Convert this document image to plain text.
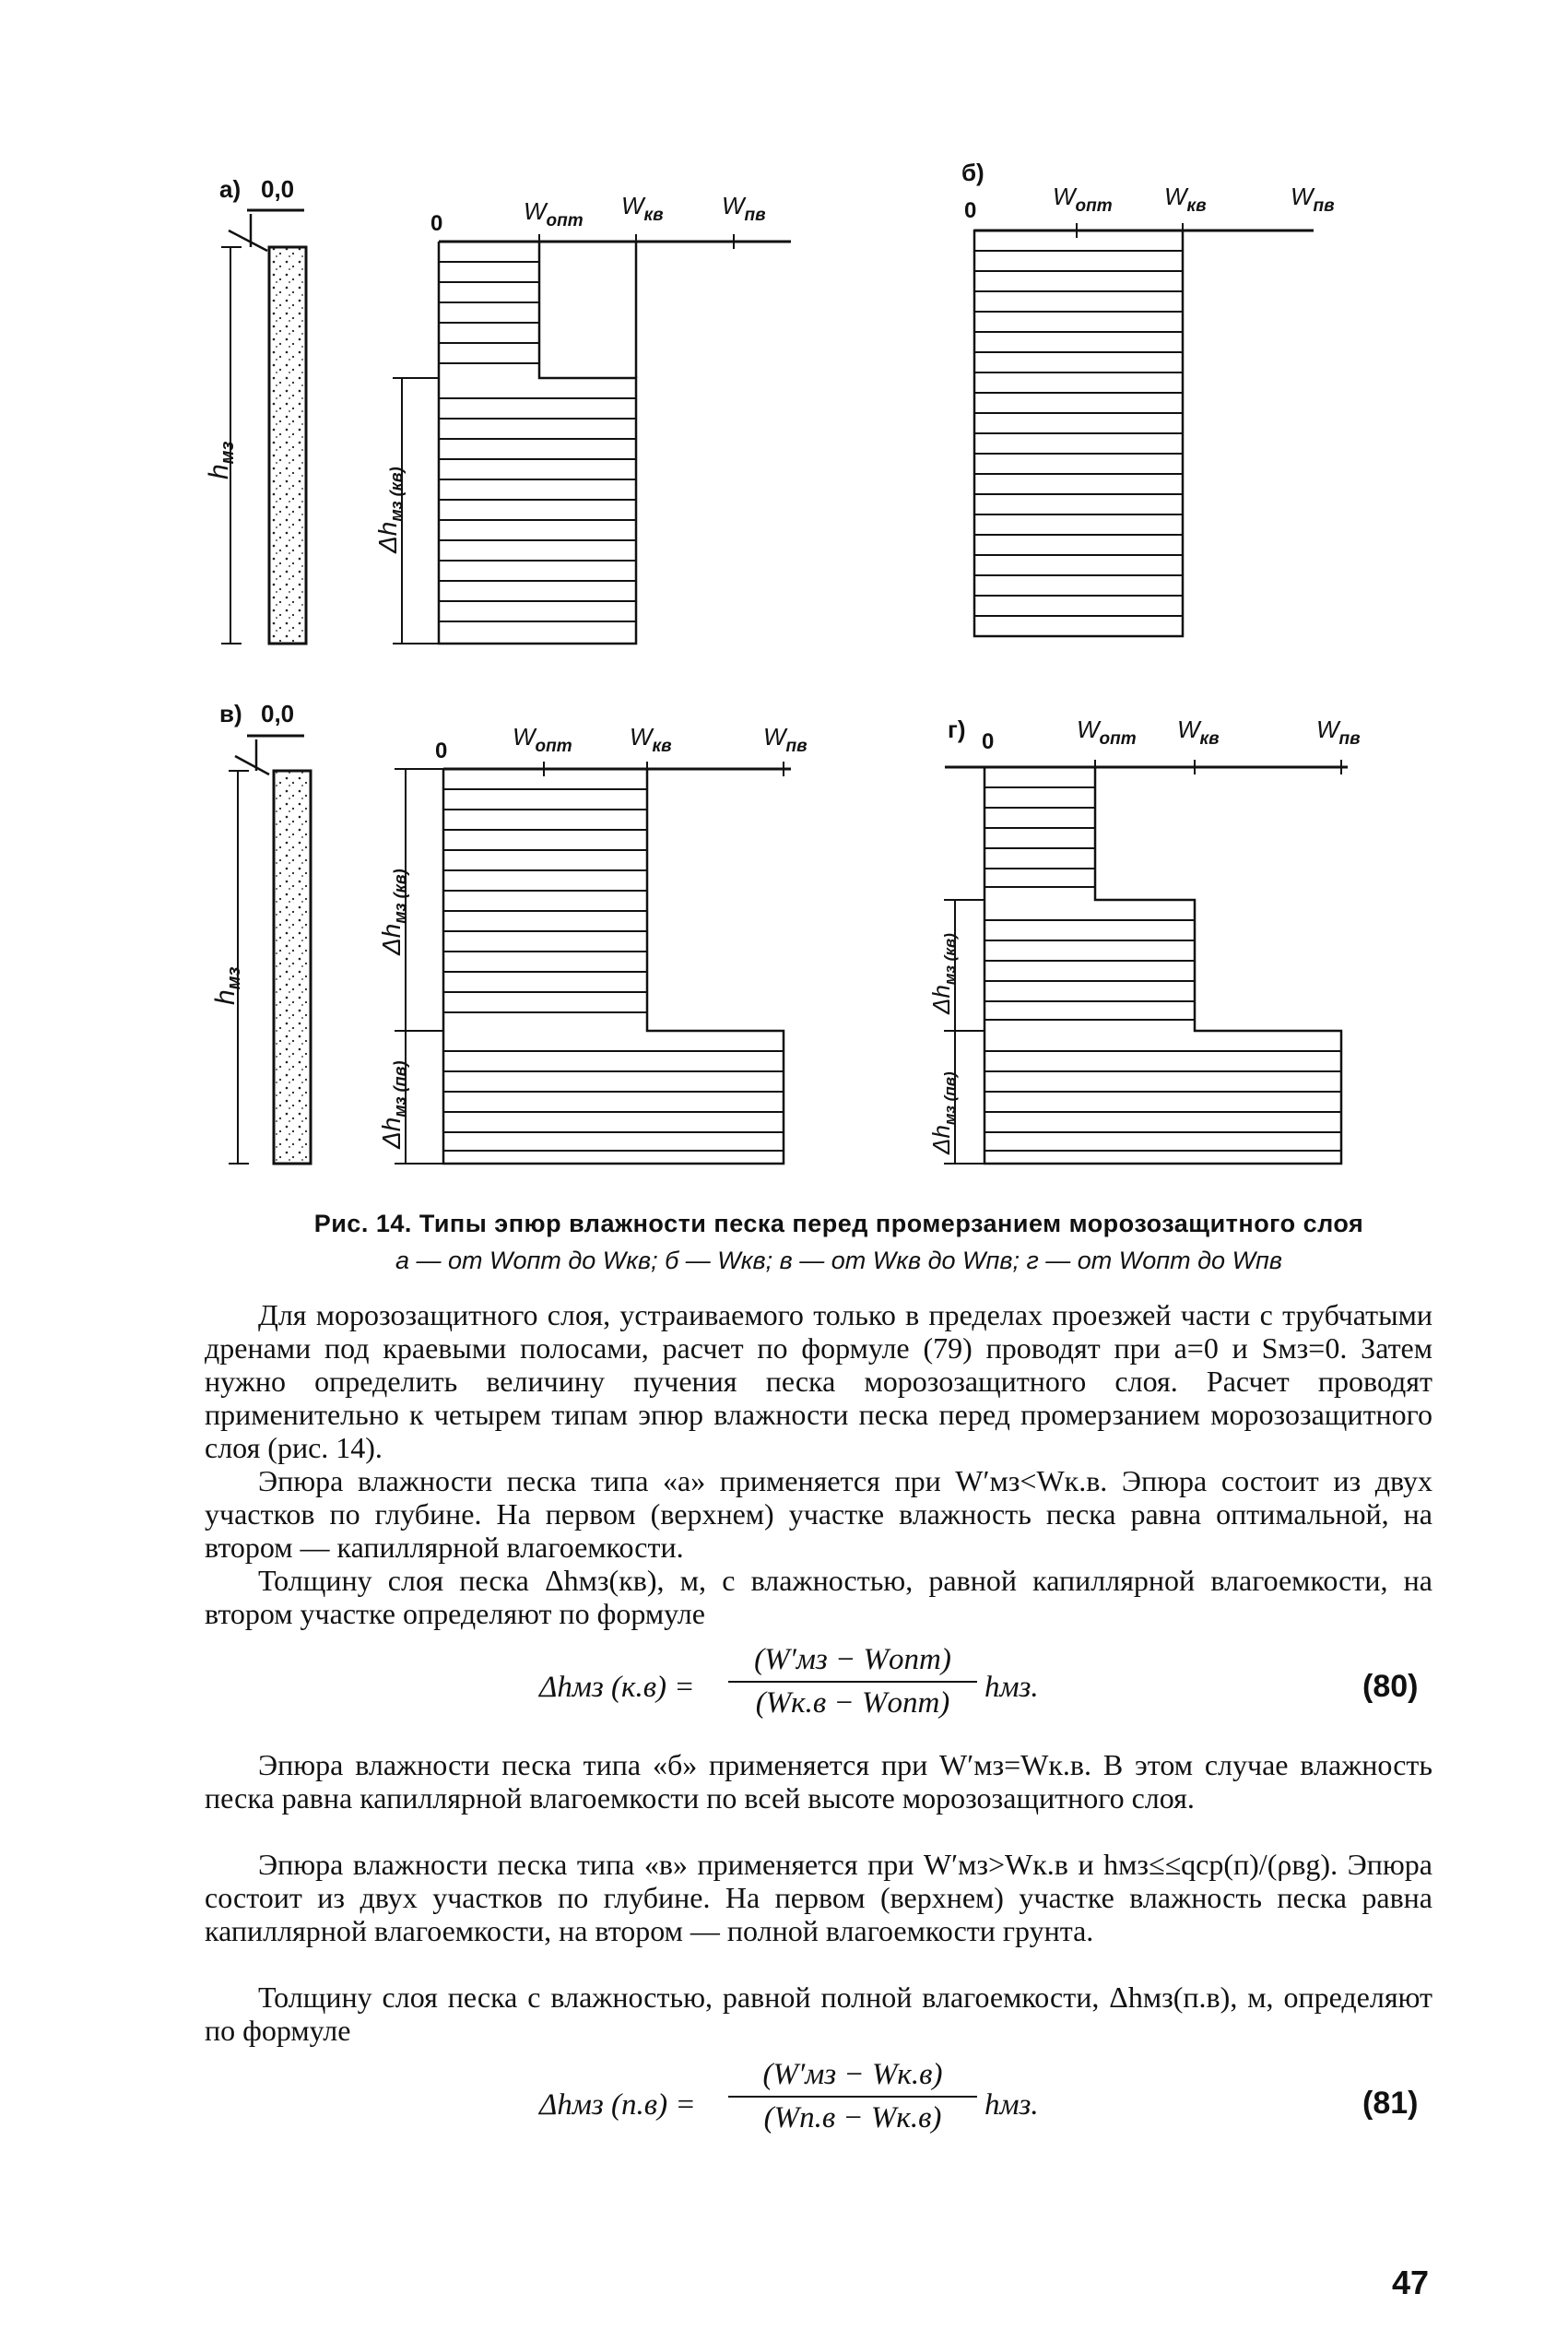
а) 0,0
$h_{мз}$
0	$W_{опт}$
$W_{кв}$ $W_{пв}$
$\Delta h_{мз (кв)}$
б)
0
$W_{опт}$ $W_{кв}$	$W_{пв}$
в) 0,0
$h_{мз}$
0
$W_{опт}$ $W_{кв}$	$W_{пв}$
$\Delta h_{мз (кв)}$
$\Delta h_{мз (пв)}$
г) 0	$W_{опт}$ $W_{кв}$	$W_{пв}$
$\Delta h_{мз (кв)}$
$\Delta h_{мз (пв)}$
Рис. 14. Типы эпюр влажности песка перед промерзанием морозозащитного слоя
а — от Wопт до Wкв; б — Wкв; в — от Wкв до Wпв; г — от Wопт до Wпв

Для морозозащитного слоя, устраиваемого только в пределах проезжей части с трубчатыми дренами под краевыми полосами, расчет по формуле (79) проводят при a=0 и Sмз=0. Затем нужно определить величину пучения песка морозозащитного слоя. Расчет проводят применительно к четырем типам эпюр влажности песка перед промерзанием морозозащитного слоя (рис. 14).

Эпюра влажности песка типа «а» применяется при W′мз<Wк.в. Эпюра состоит из двух участков по глубине. На первом (верхнем) участке влажность песка равна оптимальной, на втором — капиллярной влагоемкости.

Толщину слоя песка Δhмз(кв), м, с влажностью, равной капиллярной влагоемкости, на втором участке определяют по формуле

Δhмз (к.в) =
(W′мз − Wопт)
(Wк.в − Wопт)	hмз.	(80)

Эпюра влажности песка типа «б» применяется при W′мз=Wк.в. В этом случае влажность песка равна капиллярной влагоемкости по всей высоте морозозащитного слоя.

Эпюра влажности песка типа «в» применяется при W′мз>Wк.в и hмз≤≤qср(п)/(ρвg). Эпюра состоит из двух участков по глубине. На первом (верхнем) участке влажность песка равна капиллярной влагоемкости, на втором — полной влагоемкости грунта.

Толщину слоя песка с влажностью, равной полной влагоемкости, Δhмз(п.в), м, определяют по формуле

Δhмз (п.в) =
(W′мз − Wк.в)
(Wп.в − Wк.в)	hмз.	(81)
47
